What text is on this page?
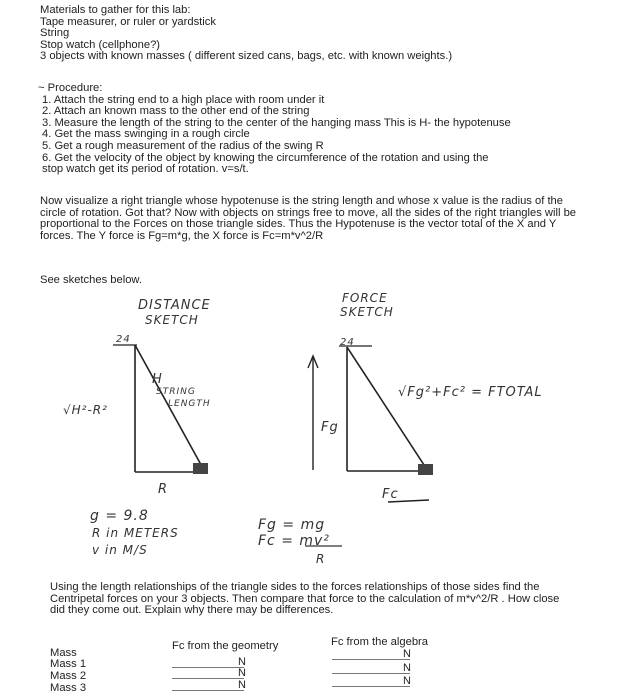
Materials to gather for this lab:
Tape measurer, or ruler or yardstick
String
Stop watch (cellphone?)
3 objects with known masses ( different sized cans, bags, etc. with known weights.)
~ Procedure:
1. Attach the string end to a high place with room under it
2. Attach an known mass to the other end of the string
3. Measure the length of the string to the center of the hanging mass This is H- the hypotenuse
4. Get the mass swinging in a rough circle
5. Get a rough measurement of the radius of the swing R
6. Get the velocity of the object by knowing the circumference of the rotation and using the
stop watch get its period of rotation. v=s/t.
Now visualize a right triangle whose hypotenuse is the string length and whose x value is the radius of the circle of rotation. Got that? Now with objects on strings free to move, all the sides of the right triangles will be proportional to the Forces on those triangle sides. Thus the Hypotenuse is the vector total of the X and Y forces. The Y force is Fg=m*g, the X force is Fc=m*v^2/R
See sketches below.
DISTANCE
SKETCH
24
H
STRING
LENGTH
√H²-R²
R
FORCE
SKETCH
24
Fg
√Fg²+Fc² = FTOTAL
Fc
g = 9.8
R in METERS
v in M/S
Fg = mg
Fc = mv²
R
Using the length relationships of the triangle sides to the forces relationships of those sides find the Centripetal forces on your 3 objects. Then compare that force to the calculation of m*v^2/R . How close did they come out. Explain why there may be differences.
Mass
Fc from the geometry	Fc from the algebra
Mass 1
Mass 2
Mass 3
N
N
N
N
N
N
